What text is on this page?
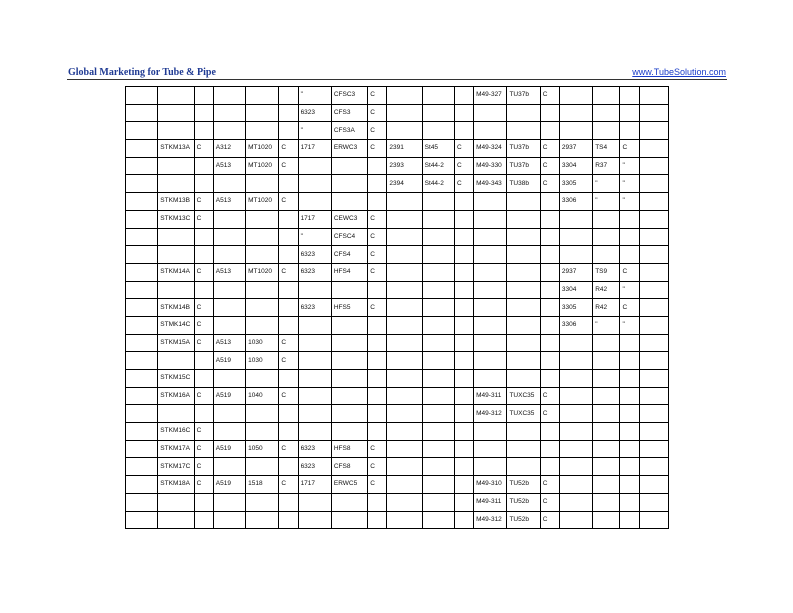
Global Marketing for Tube & Pipe	www.TubeSolution.com
						"	CFSC3	C				M49-327	TU37b	C				
						6323	CFS3	C										
						"	CFS3A	C										
	STKM13A	C	A312	MT1020	C	1717	ERWC3	C	2391	St45	C	M49-324	TU37b	C	2937	TS4	C	
			A513	MT1020	C				2393	St44-2	C	M49-330	TU37b	C	3304	R37	"	
									2394	St44-2	C	M49-343	TU38b	C	3305	"	"	
	STKM13B	C	A513	MT1020	C										3306	"	"	
	STKM13C	C				1717	CEWC3	C										
						"	CFSC4	C										
						6323	CFS4	C										
	STKM14A	C	A513	MT1020	C	6323	HFS4	C							2937	TS9	C	
															3304	R42	"	
	STKM14B	C				6323	HFS5	C							3305	R42	C	
	STMK14C	C													3306	"	"	
	STKM15A	C	A513	1030	C													
			A519	1030	C													
	STKM15C																	
	STKM16A	C	A519	1040	C							M49-311	TUXC35	C				
												M49-312	TUXC35	C				
	STKM16C	C																
	STKM17A	C	A519	1050	C	6323	HFS8	C										
	STKM17C	C				6323	CFS8	C										
	STKM18A	C	A519	1518	C	1717	ERWC5	C				M49-310	TU52b	C				
												M49-311	TU52b	C				
												M49-312	TU52b	C				
